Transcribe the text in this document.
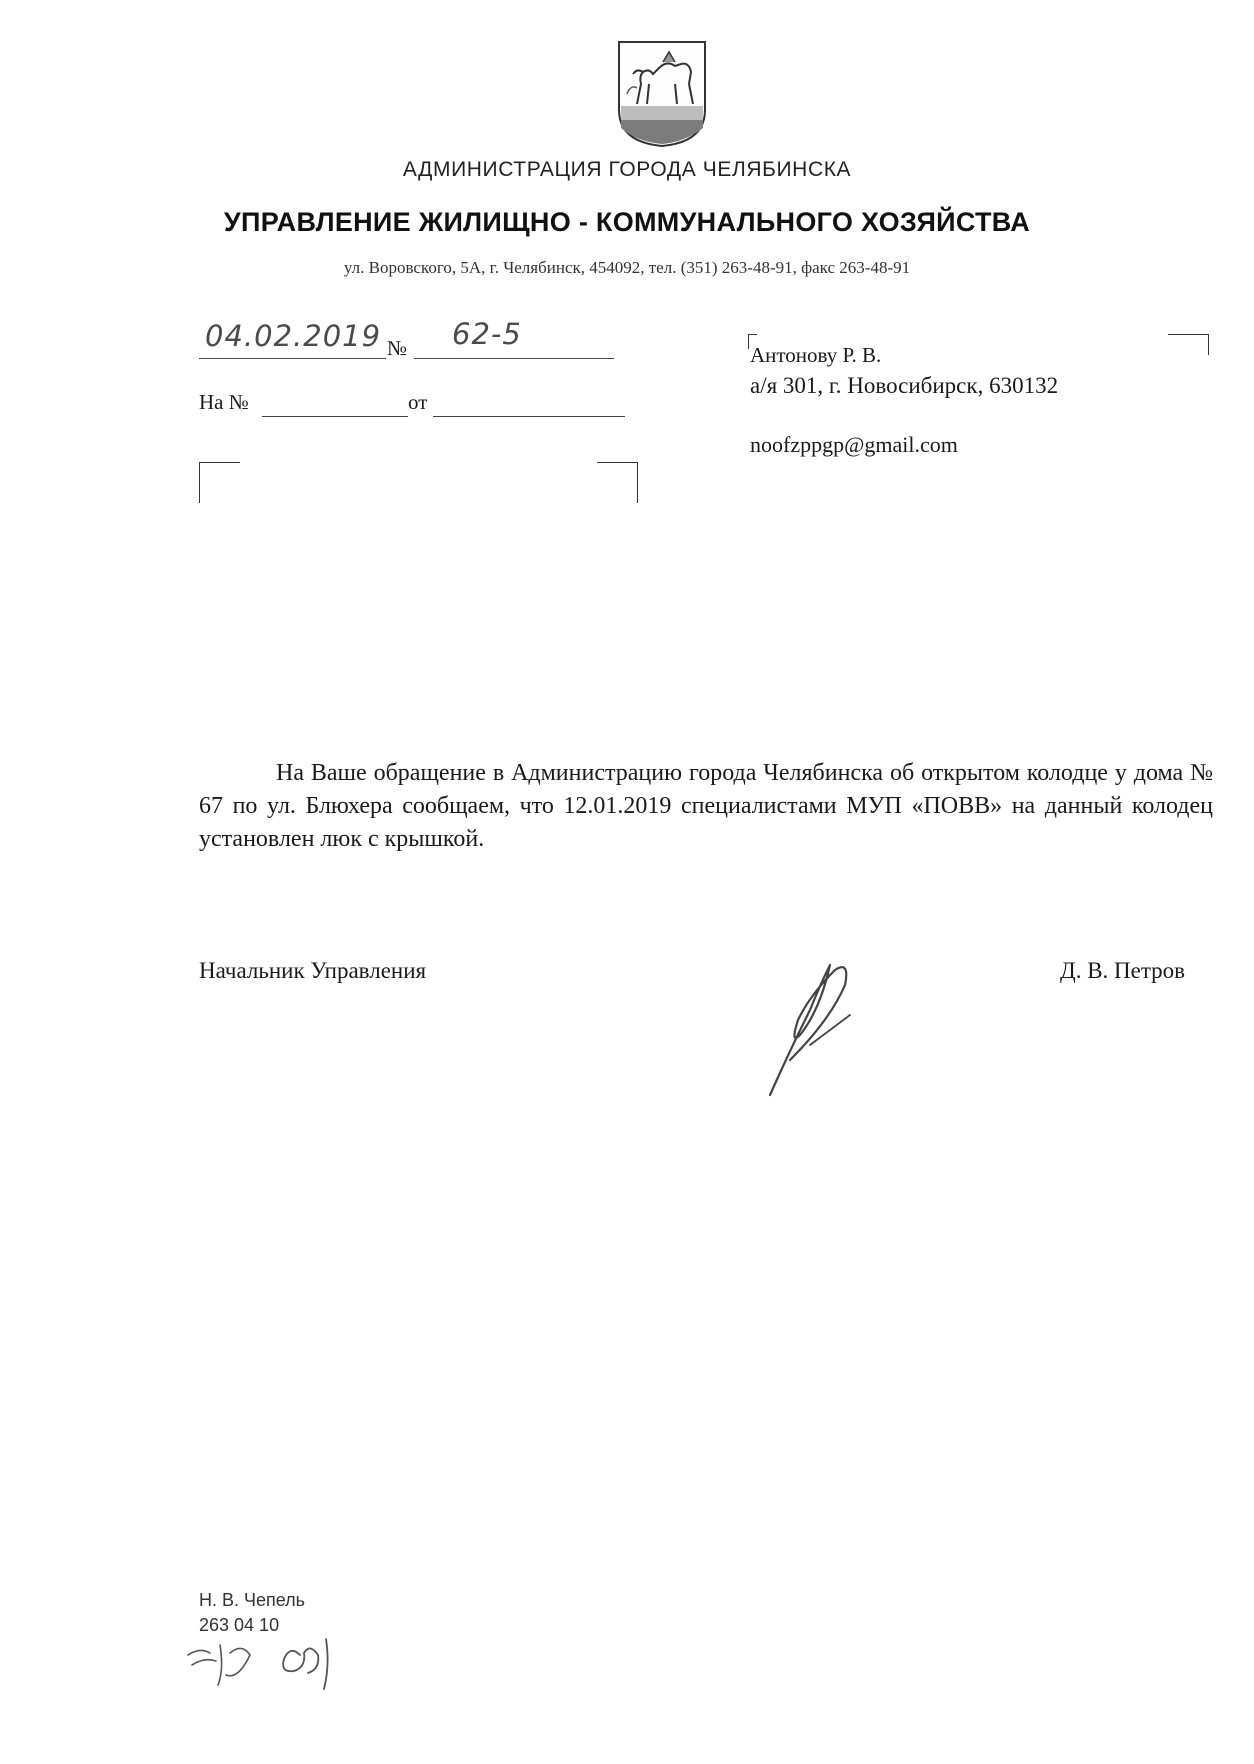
АДМИНИСТРАЦИЯ ГОРОДА ЧЕЛЯБИНСКА
УПРАВЛЕНИЕ ЖИЛИЩНО - КОММУНАЛЬНОГО ХОЗЯЙСТВА
ул. Воровского, 5А, г. Челябинск, 454092, тел. (351) 263-48-91, факс 263-48-91
04.02.2019 № 62-5
На №	от
Антонову Р. В.
а/я 301, г. Новосибирск, 630132
noofzppgp@gmail.com
На Ваше обращение в Администрацию города Челябинска об открытом колодце у дома № 67 по ул. Блюхера сообщаем, что 12.01.2019 специалистами МУП «ПОВВ» на данный колодец установлен люк с крышкой.
Начальник Управления	Д. В. Петров
Н. В. Чепель
263 04 10
